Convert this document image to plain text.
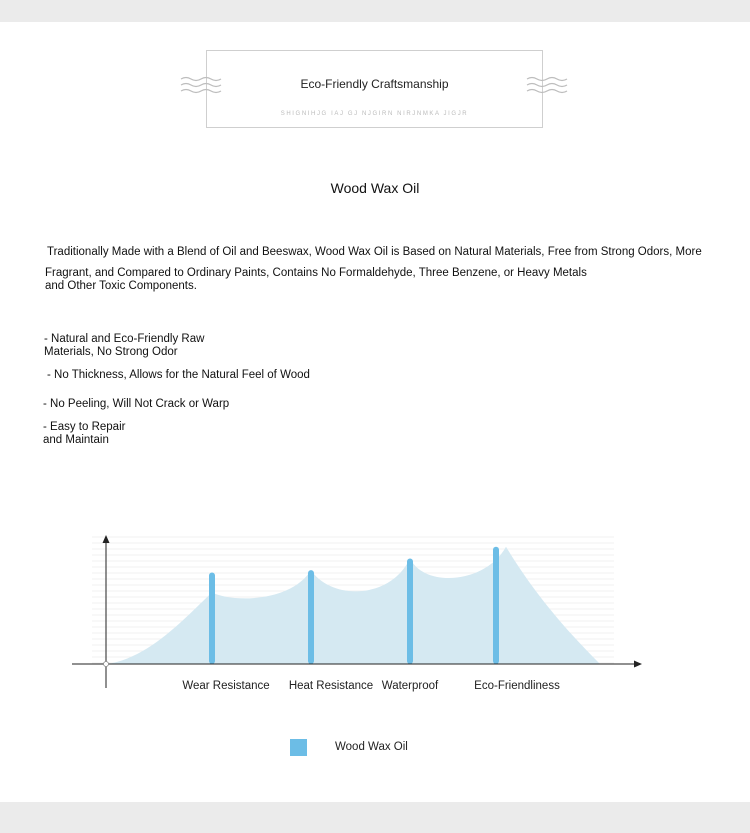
Eco-Friendly Craftsmanship
SHIGNIHJG IAJ GJ NJGIRN NIRJNMKA JIGJR
Wood Wax Oil
Traditionally Made with a Blend of Oil and Beeswax, Wood Wax Oil is Based on Natural Materials, Free from Strong Odors, More
Fragrant, and Compared to Ordinary Paints, Contains No Formaldehyde, Three Benzene, or Heavy Metals
and Other Toxic Components.
- Natural and Eco-Friendly Raw
Materials, No Strong Odor
- No Thickness, Allows for the Natural Feel of Wood
- No Peeling, Will Not Crack or Warp
- Easy to Repair
and Maintain
Wear Resistance Heat Resistance Waterproof	Eco-Friendliness
Wood Wax Oil
